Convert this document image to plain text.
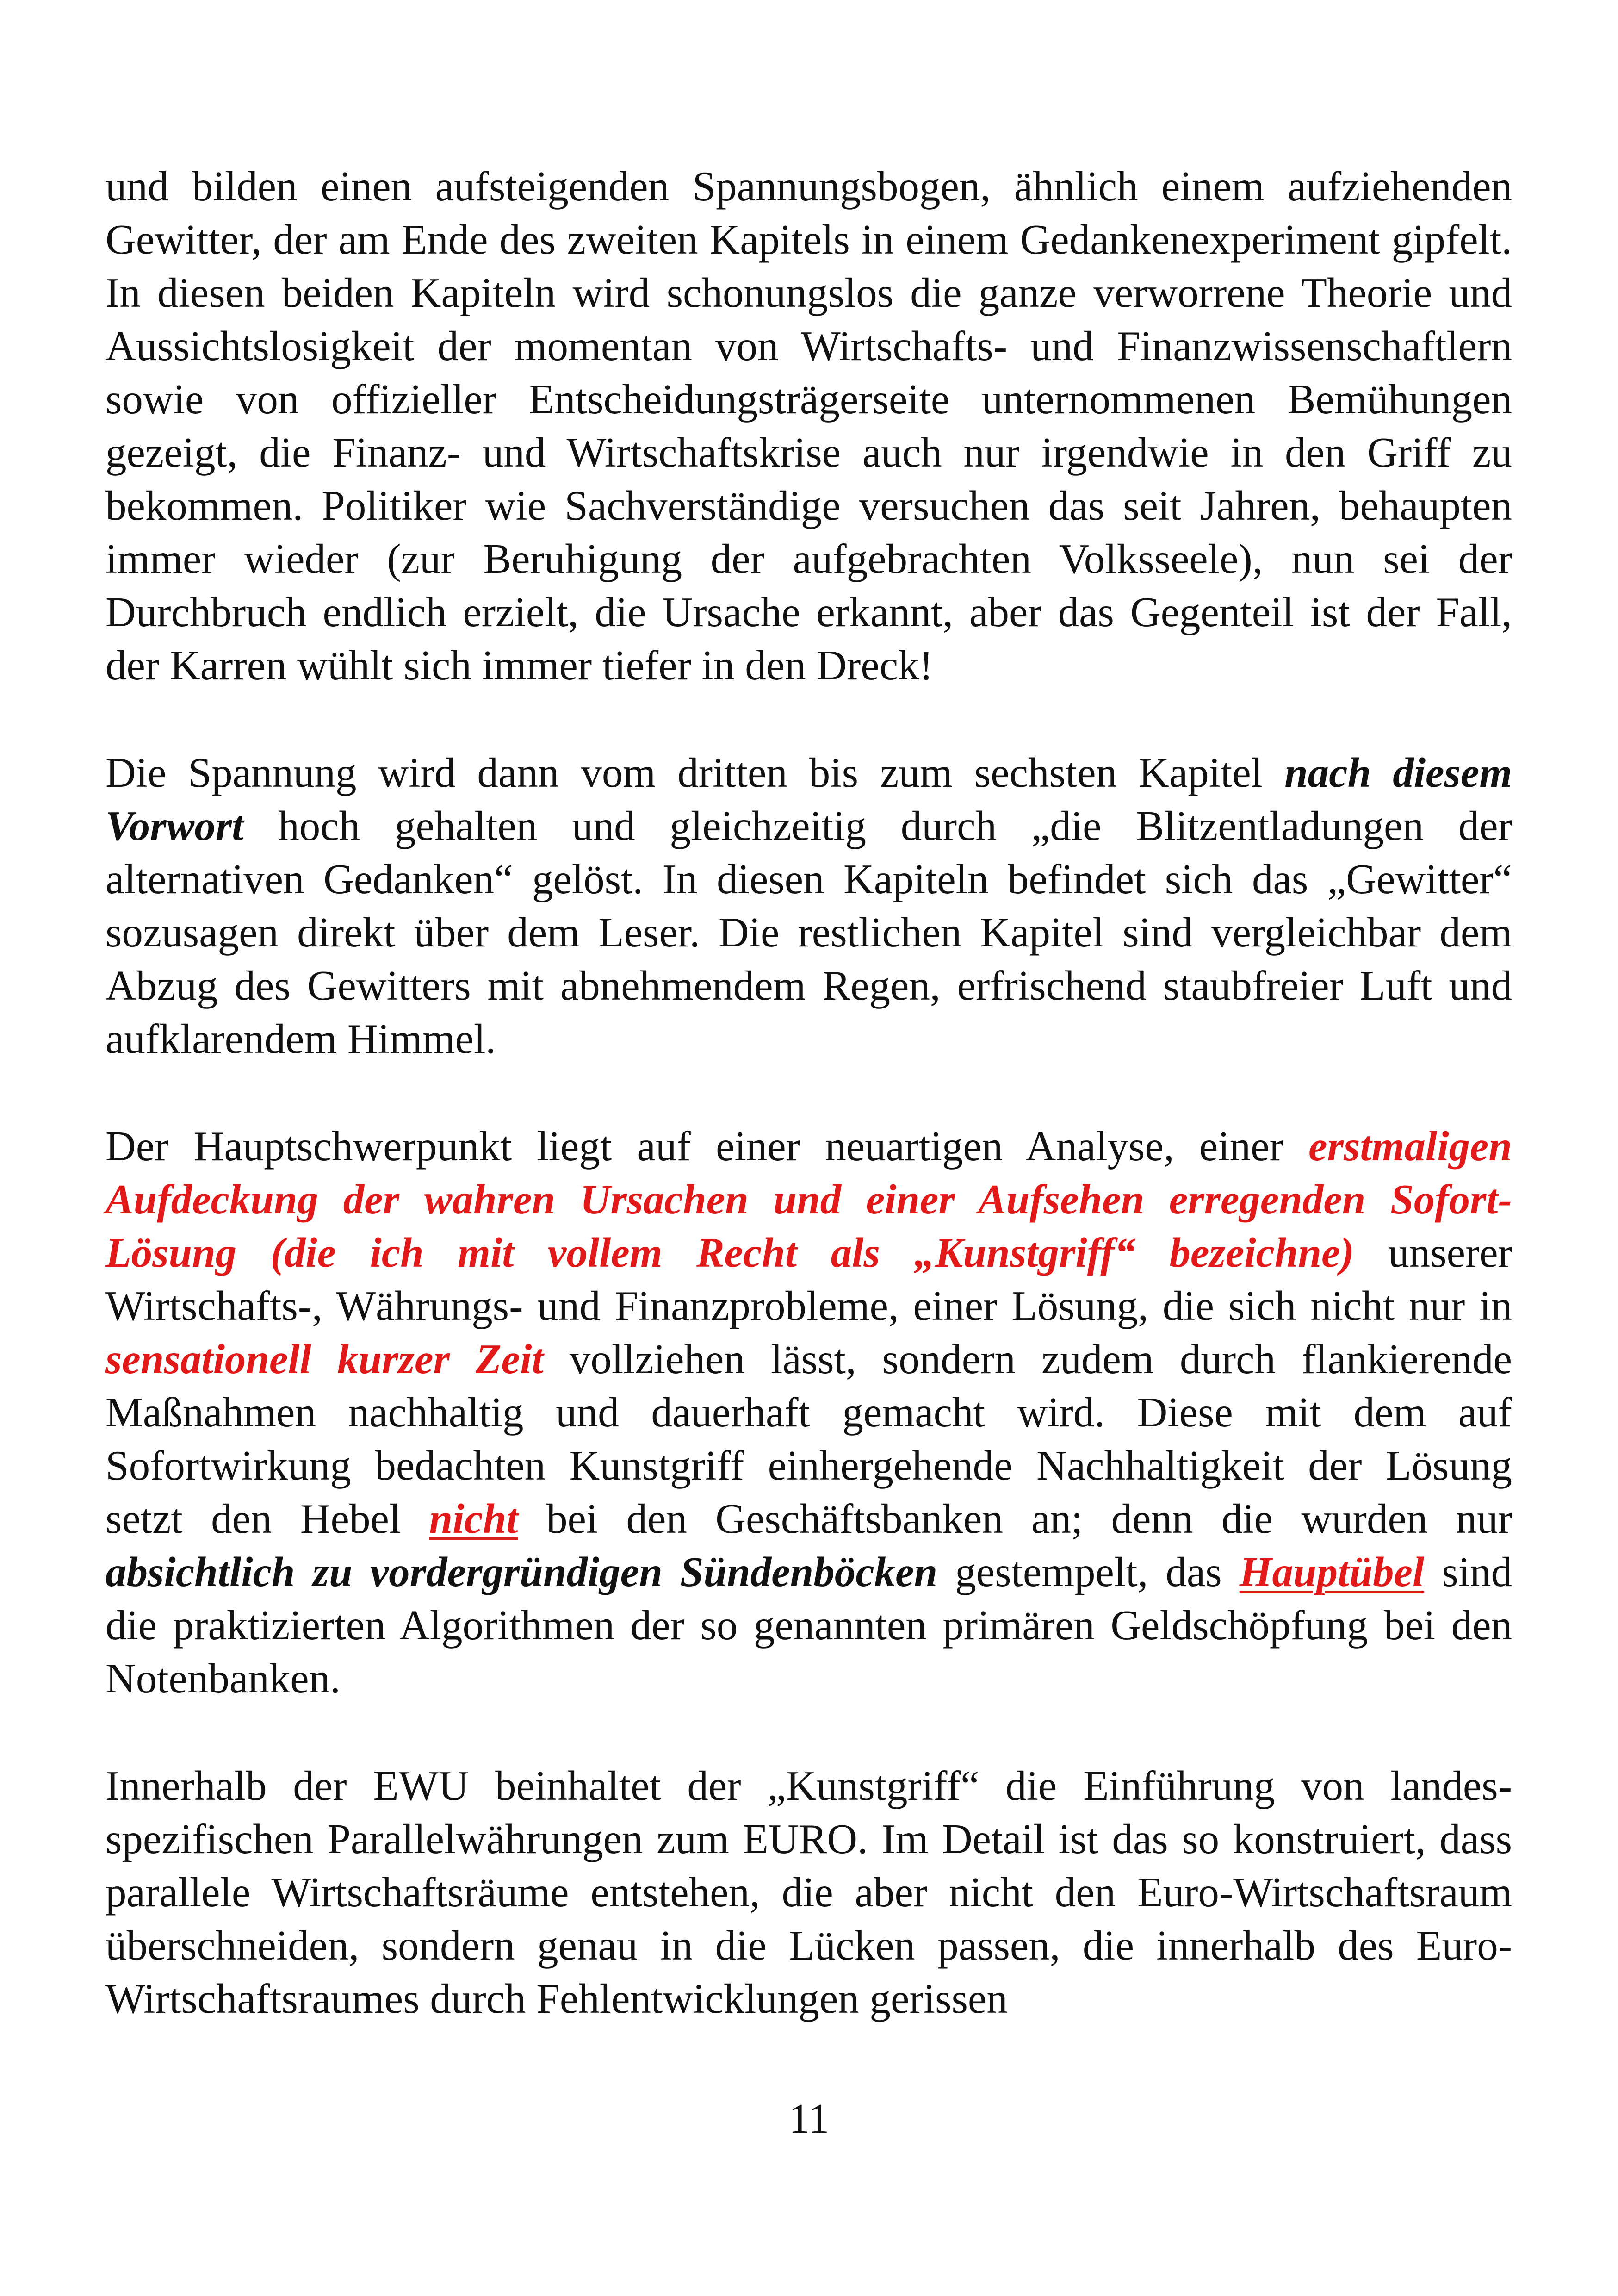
und bilden einen aufsteigenden Spannungsbogen, ähnlich einem aufziehenden Gewitter, der am Ende des zweiten Kapitels in einem Gedankenexperiment gipfelt. In diesen beiden Kapiteln wird schonungslos die ganze verworrene Theorie und Aussichtslosigkeit der momentan von Wirtschafts- und Finanzwissenschaftlern sowie von offizieller Entscheidungsträgerseite unternommenen Bemühungen gezeigt, die Finanz- und Wirtschaftskrise auch nur irgendwie in den Griff zu bekommen. Politiker wie Sachverständige versuchen das seit Jahren, behaupten immer wieder (zur Beruhigung der aufgebrachten Volksseele), nun sei der Durchbruch endlich erzielt, die Ursache erkannt, aber das Gegenteil ist der Fall, der Karren wühlt sich immer tiefer in den Dreck!

Die Spannung wird dann vom dritten bis zum sechsten Kapitel nach diesem Vorwort hoch gehalten und gleichzeitig durch „die Blitzentladungen der alternativen Gedanken“ gelöst. In diesen Kapiteln befindet sich das „Gewitter“ sozusagen direkt über dem Leser. Die restlichen Kapitel sind vergleichbar dem Abzug des Gewitters mit abnehmendem Regen, erfrischend staubfreier Luft und aufklarendem Himmel.

Der Hauptschwerpunkt liegt auf einer neuartigen Analyse, einer erstmaligen Aufdeckung der wahren Ursachen und einer Aufsehen erregenden Sofort-Lösung (die ich mit vollem Recht als „Kunstgriff“ bezeichne) unserer Wirtschafts-, Währungs- und Finanzprobleme, einer Lösung, die sich nicht nur in sensationell kurzer Zeit vollziehen lässt, sondern zudem durch flankierende Maßnahmen nachhaltig und dauerhaft gemacht wird. Diese mit dem auf Sofortwirkung bedachten Kunstgriff einhergehende Nachhaltigkeit der Lösung setzt den Hebel nicht bei den Geschäftsbanken an; denn die wurden nur absichtlich zu vordergründigen Sündenböcken gestempelt, das Hauptübel sind die praktizierten Algorithmen der so genannten primären Geldschöpfung bei den Notenbanken.

Innerhalb der EWU beinhaltet der „Kunstgriff“ die Einführung von landesspezifischen Parallelwährungen zum EURO. Im Detail ist das so konstruiert, dass parallele Wirtschaftsräume entstehen, die aber nicht den Euro-Wirtschaftsraum überschneiden, sondern genau in die Lücken passen, die innerhalb des Euro-Wirtschaftsraumes durch Fehlentwicklungen gerissen

11
